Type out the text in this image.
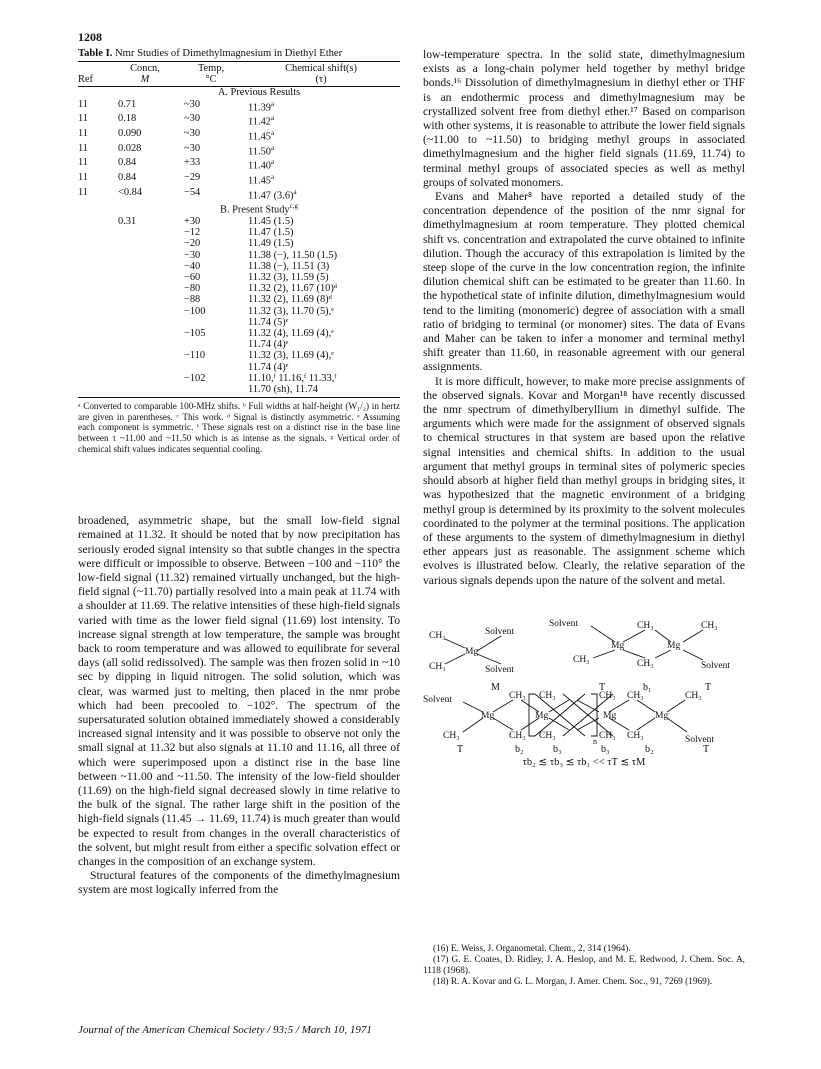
1208

Table I. Nmr Studies of Dimethylmagnesium in Diethyl Ether

	Concn,	Temp,	Chemical shift(s)
Ref	M	°C	(τ)
A. Previous Results			
11	0.71	~30	11.39$^a$
11	0.18	~30	11.42$^a$
11	0.090	~30	11.45$^a$
11	0.028	~30	11.50$^a$
11	0.84	+33	11.40$^a$
11	0.84	−29	11.45$^a$
11	<0.84	−54	11.47 $(3.6)^a$
B. Present Study$^{c,g}$
	0.31	+30	11.45 (1.5)
		−12	11.47 (1.5)
		−20	11.49 (1.5)
		−30	11.38 (−), 11.50 (1.5)
		−40	11.38 (−), 11.51 (3)
		−60	11.32 (3), 11.59 (5)
		−80	11.32 (2), 11.67 (10)ᵈ
		−88	11.32 (2), 11.69 (8)ᵈ
		−100	11.32 (3), 11.70 (5),ᵉ
			11.74 (5)ᵉ
		−105	11.32 (4), 11.69 (4),ᵉ
			11.74 (4)ᵉ
		−110	11.32 (3), 11.69 (4),ᵉ
			11.74 (4)ᵉ
		−102	11.10,ᶠ 11.16,ᶠ 11.33,ᶠ
			11.70 (sh), 11.74

ᵃ Converted to comparable 100-MHz shifts. ᵇ Full widths at half-height (W₁/₂) in hertz are given in parentheses. ᶜ This work. ᵈ Signal is distinctly asymmetric. ᵉ Assuming each component is symmetric. ᶠ These signals rest on a distinct rise in the base line between τ ~11.00 and ~11.50 which is as intense as the signals. ᵍ Vertical order of chemical shift values indicates sequential cooling.

broadened, asymmetric shape, but the small low-field signal remained at 11.32. It should be noted that by now precipitation has seriously eroded signal intensity so that subtle changes in the spectra were difficult or impossible to observe. Between −100 and −110° the low-field signal (11.32) remained virtually unchanged, but the high-field signal (~11.70) partially resolved into a main peak at 11.74 with a shoulder at 11.69. The relative intensities of these high-field signals varied with time as the lower field signal (11.69) lost intensity. To increase signal strength at low temperature, the sample was brought back to room temperature and was allowed to equilibrate for several days (all solid redissolved). The sample was then frozen solid in ~10 sec by dipping in liquid nitrogen. The solid solution, which was clear, was warmed just to melting, then placed in the nmr probe which had been precooled to −102°. The spectrum of the supersaturated solution obtained immediately showed a considerably increased signal intensity and it was possible to observe not only the small signal at 11.32 but also signals at 11.10 and 11.16, all three of which were superimposed upon a distinct rise in the base line between ~11.00 and ~11.50. The intensity of the low-field shoulder (11.69) on the high-field signal decreased slowly in time relative to the bulk of the signal. The rather large shift in the position of the high-field signals (11.45 → 11.69, 11.74) is much greater than would be expected to result from changes in the overall characteristics of the solvent, but might result from either a specific solvation effect or changes in the composition of an exchange system.

Structural features of the components of the dimethylmagnesium system are most logically inferred from the

low-temperature spectra. In the solid state, dimethylmagnesium exists as a long-chain polymer held together by methyl bridge bonds.¹⁶ Dissolution of dimethylmagnesium in diethyl ether or THF is an endothermic process and dimethylmagnesium may be crystallized solvent free from diethyl ether.¹⁷ Based on comparison with other systems, it is reasonable to attribute the lower field signals (~11.00 to ~11.50) to bridging methyl groups in associated dimethylmagnesium and the higher field signals (11.69, 11.74) to terminal methyl groups of associated species as well as methyl groups of solvated monomers.

Evans and Maher⁸ have reported a detailed study of the concentration dependence of the position of the nmr signal for dimethylmagnesium at room temperature. They plotted chemical shift vs. concentration and extrapolated the curve obtained to infinite dilution. Though the accuracy of this extrapolation is limited by the steep slope of the curve in the low concentration region, the infinite dilution chemical shift can be estimated to be greater than 11.60. In the hypothetical state of infinite dilution, dimethylmagnesium would tend to the limiting (monomeric) degree of association with a small ratio of bridging to terminal (or monomer) sites. The data of Evans and Maher can be taken to infer a monomer and terminal methyl shift greater than 11.60, in reasonable agreement with our general assignments.

It is more difficult, however, to make more precise assignments of the observed signals. Kovar and Morgan¹⁸ have recently discussed the nmr spectrum of dimethylberyllium in dimethyl sulfide. The arguments which were made for the assignment of observed signals to chemical structures in that system are based upon the relative signal intensities and chemical shifts. In addition to the usual argument that methyl groups in terminal sites of polymeric species should absorb at higher field than methyl groups in bridging sites, it was hypothesized that the magnetic environment of a bridging methyl group is determined by its proximity to the solvent molecules coordinated to the polymer at the terminal positions. The application of these arguments to the system of dimethylmagnesium in diethyl ether appears just as reasonable. The assignment scheme which evolves is illustrated below. Clearly, the relative separation of the various signals depends upon the nature of the solvent and metal.

CH₃
CH₃
Mg
Solvent
Solvent
Solvent
CH₃
Mg
CH₃
CH₃
Mg
CH₃
Solvent
Solvent
CH₃
Mg
CH₃
CH₃
Mg
CH₃
CH₃
n
CH₃
CH₃
Mg
CH₃
CH₃
Mg
CH₃
Solvent
M	T	b₁	T
T	b₂	b₃	b₃	b₂	T
τb₂ ≲ τb₃ ≲ τb₁ << τT ≲ τM

(16) E. Weiss, J. Organometal. Chem., 2, 314 (1964).

(17) G. E. Coates, D. Ridley, J. A. Heslop, and M. E. Redwood, J. Chem. Soc. A, 1118 (1968).

(18) R. A. Kovar and G. L. Morgan, J. Amer. Chem. Soc., 91, 7269 (1969).

Journal of the American Chemical Society / 93:5 / March 10, 1971
